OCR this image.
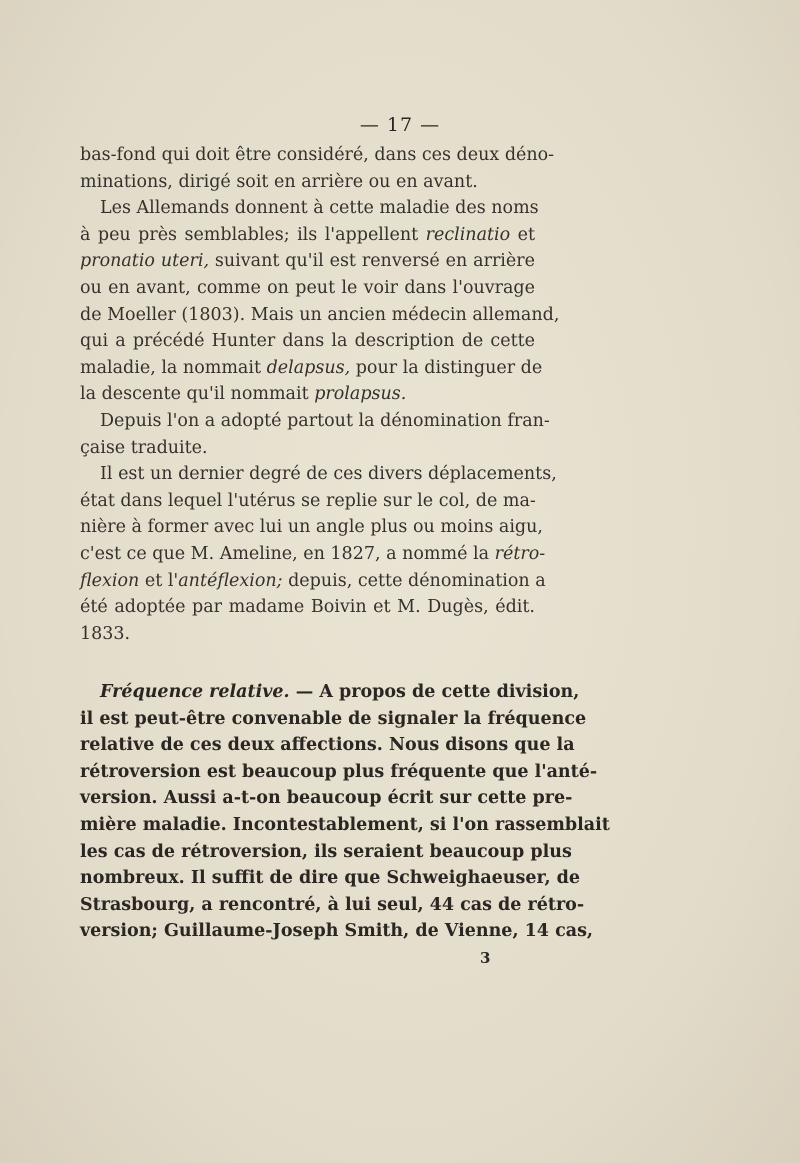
— 17 —
bas-fond qui doit être considéré, dans ces deux déno-
minations, dirigé soit en arrière ou en avant.
Les Allemands donnent à cette maladie des noms
à peu près semblables; ils l'appellent reclinatio et
pronatio uteri, suivant qu'il est renversé en arrière
ou en avant, comme on peut le voir dans l'ouvrage
de Moeller (1803). Mais un ancien médecin allemand,
qui a précédé Hunter dans la description de cette
maladie, la nommait delapsus, pour la distinguer de
la descente qu'il nommait prolapsus.
Depuis l'on a adopté partout la dénomination fran-
çaise traduite.
Il est un dernier degré de ces divers déplacements,
état dans lequel l'utérus se replie sur le col, de ma-
nière à former avec lui un angle plus ou moins aigu,
c'est ce que M. Ameline, en 1827, a nommé la rétro-
flexion et l'antéflexion; depuis, cette dénomination a
été adoptée par madame Boivin et M. Dugès, édit.
1833.
Fréquence relative. — A propos de cette division,
il est peut-être convenable de signaler la fréquence
relative de ces deux affections. Nous disons que la
rétroversion est beaucoup plus fréquente que l'anté-
version. Aussi a-t-on beaucoup écrit sur cette pre-
mière maladie. Incontestablement, si l'on rassemblait
les cas de rétroversion, ils seraient beaucoup plus
nombreux. Il suffit de dire que Schweighaeuser, de
Strasbourg, a rencontré, à lui seul, 44 cas de rétro-
version; Guillaume-Joseph Smith, de Vienne, 14 cas,
3
